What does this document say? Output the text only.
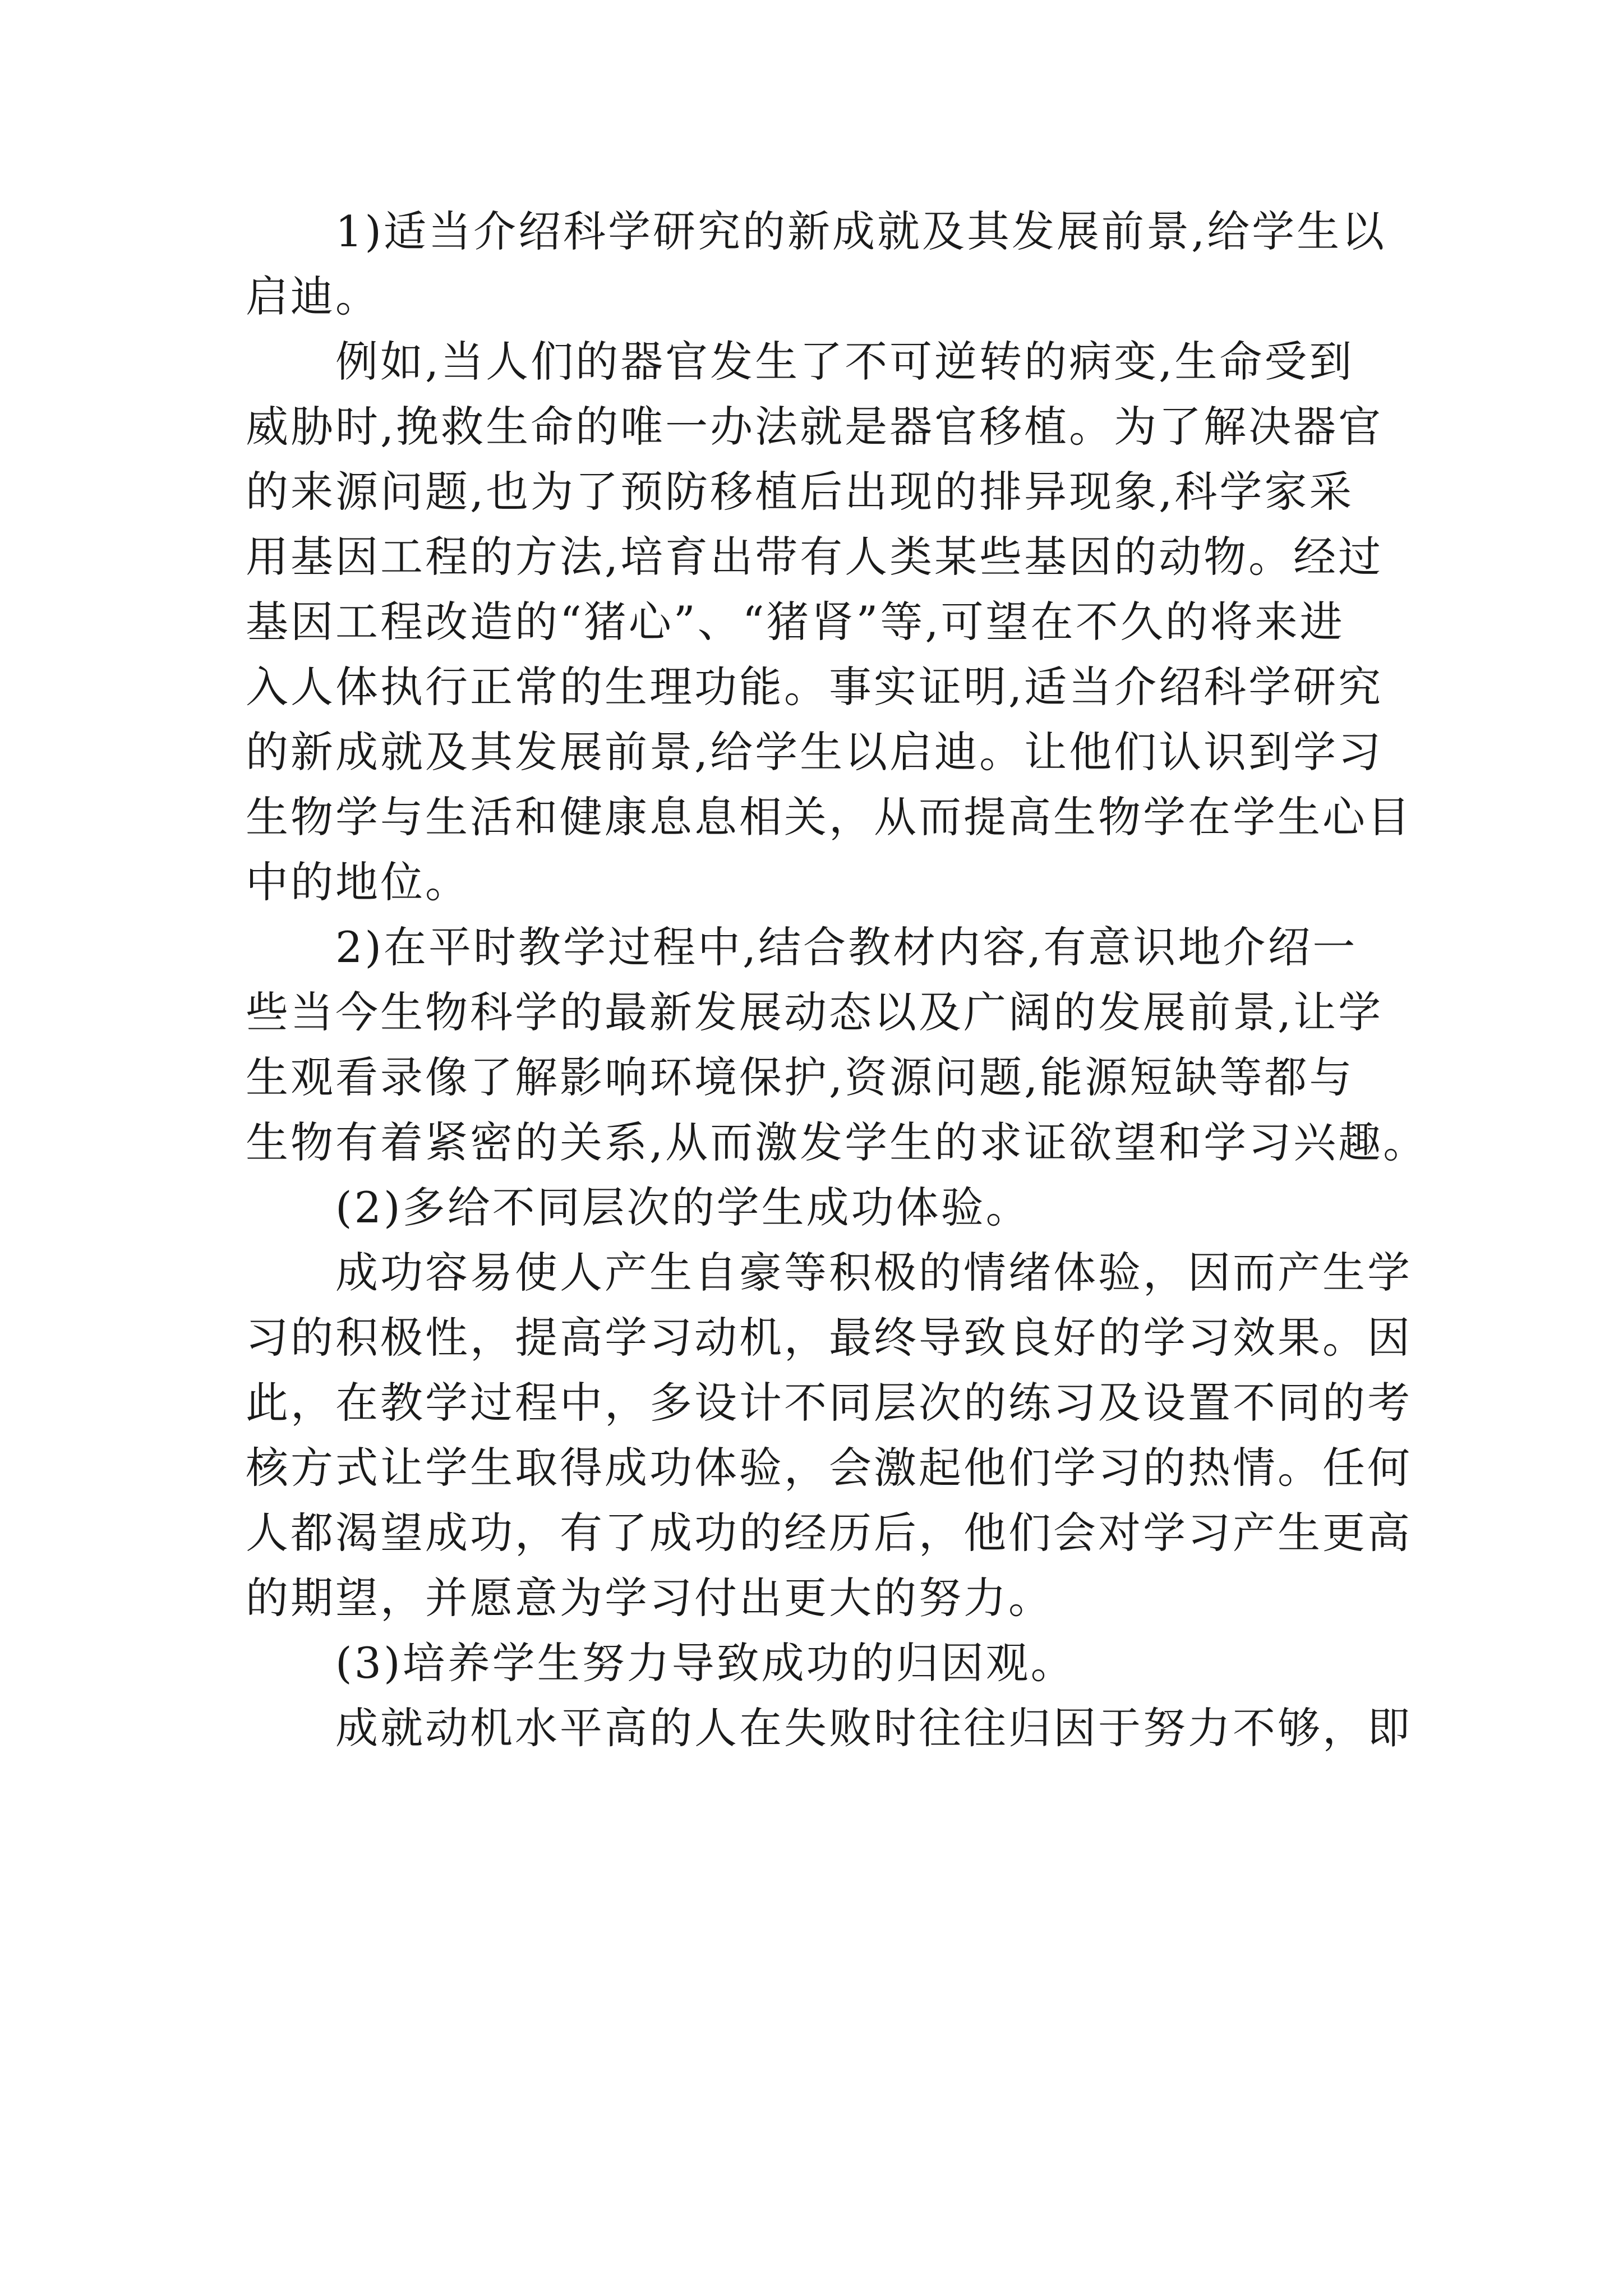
1)适当介绍科学研究的新成就及其发展前景,给学生以
启迪。
例如,当人们的器官发生了不可逆转的病变,生命受到
威胁时,挽救生命的唯一办法就是器官移植。为了解决器官
的来源问题,也为了预防移植后出现的排异现象,科学家采
用基因工程的方法,培育出带有人类某些基因的动物。经过
基因工程改造的“猪心”、“猪肾”等,可望在不久的将来进
入人体执行正常的生理功能。事实证明,适当介绍科学研究
的新成就及其发展前景,给学生以启迪。让他们认识到学习
生物学与生活和健康息息相关，从而提高生物学在学生心目
中的地位。
2)在平时教学过程中,结合教材内容,有意识地介绍一
些当今生物科学的最新发展动态以及广阔的发展前景,让学
生观看录像了解影响环境保护,资源问题,能源短缺等都与
生物有着紧密的关系,从而激发学生的求证欲望和学习兴趣。
(2)多给不同层次的学生成功体验。
成功容易使人产生自豪等积极的情绪体验，因而产生学
习的积极性，提高学习动机，最终导致良好的学习效果。因
此，在教学过程中，多设计不同层次的练习及设置不同的考
核方式让学生取得成功体验，会激起他们学习的热情。任何
人都渴望成功，有了成功的经历后，他们会对学习产生更高
的期望，并愿意为学习付出更大的努力。
(3)培养学生努力导致成功的归因观。
成就动机水平高的人在失败时往往归因于努力不够，即
